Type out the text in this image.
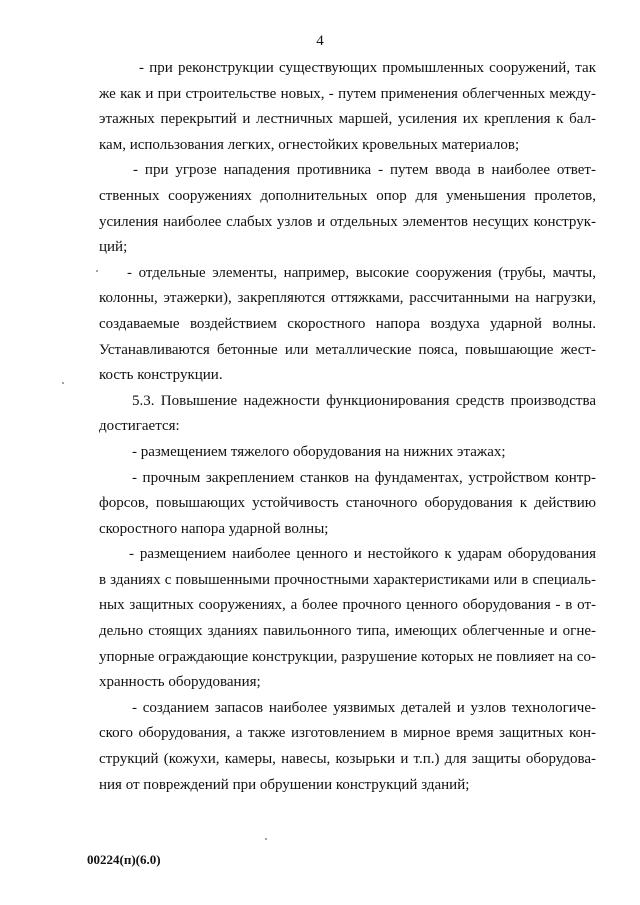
4
- при реконструкции существующих промышленных сооружений, так
же как и при строительстве новых, - путем применения облегченных между-
этажных перекрытий и лестничных маршей, усиления их крепления к бал-
кам, использования легких, огнестойких кровельных материалов;
- при угрозе нападения противника - путем ввода в наиболее ответ-
ственных сооружениях дополнительных опор для уменьшения пролетов,
усиления наиболее слабых узлов и отдельных элементов несущих конструк-
ций;
- отдельные элементы, например, высокие сооружения (трубы, мачты,
колонны, этажерки), закрепляются оттяжками, рассчитанными на нагрузки,
создаваемые воздействием скоростного напора воздуха ударной волны.
Устанавливаются бетонные или металлические пояса, повышающие жест-
кость конструкции.
5.3. Повышение надежности функционирования средств производства
достигается:
- размещением тяжелого оборудования на нижних этажах;
- прочным закреплением станков на фундаментах, устройством контр-
форсов, повышающих устойчивость станочного оборудования к действию
скоростного напора ударной волны;
- размещением наиболее ценного и нестойкого к ударам оборудования
в зданиях с повышенными прочностными характеристиками или в специаль-
ных защитных сооружениях, а более прочного ценного оборудования - в от-
дельно стоящих зданиях павильонного типа, имеющих облегченные и огне-
упорные ограждающие конструкции, разрушение которых не повлияет на со-
хранность оборудования;
- созданием запасов наиболее уязвимых деталей и узлов технологиче-
ского оборудования, а также изготовлением в мирное время защитных кон-
струкций (кожухи, камеры, навесы, козырьки и т.п.) для защиты оборудова-
ния от повреждений при обрушении конструкций зданий;
00224(п)(6.0)
